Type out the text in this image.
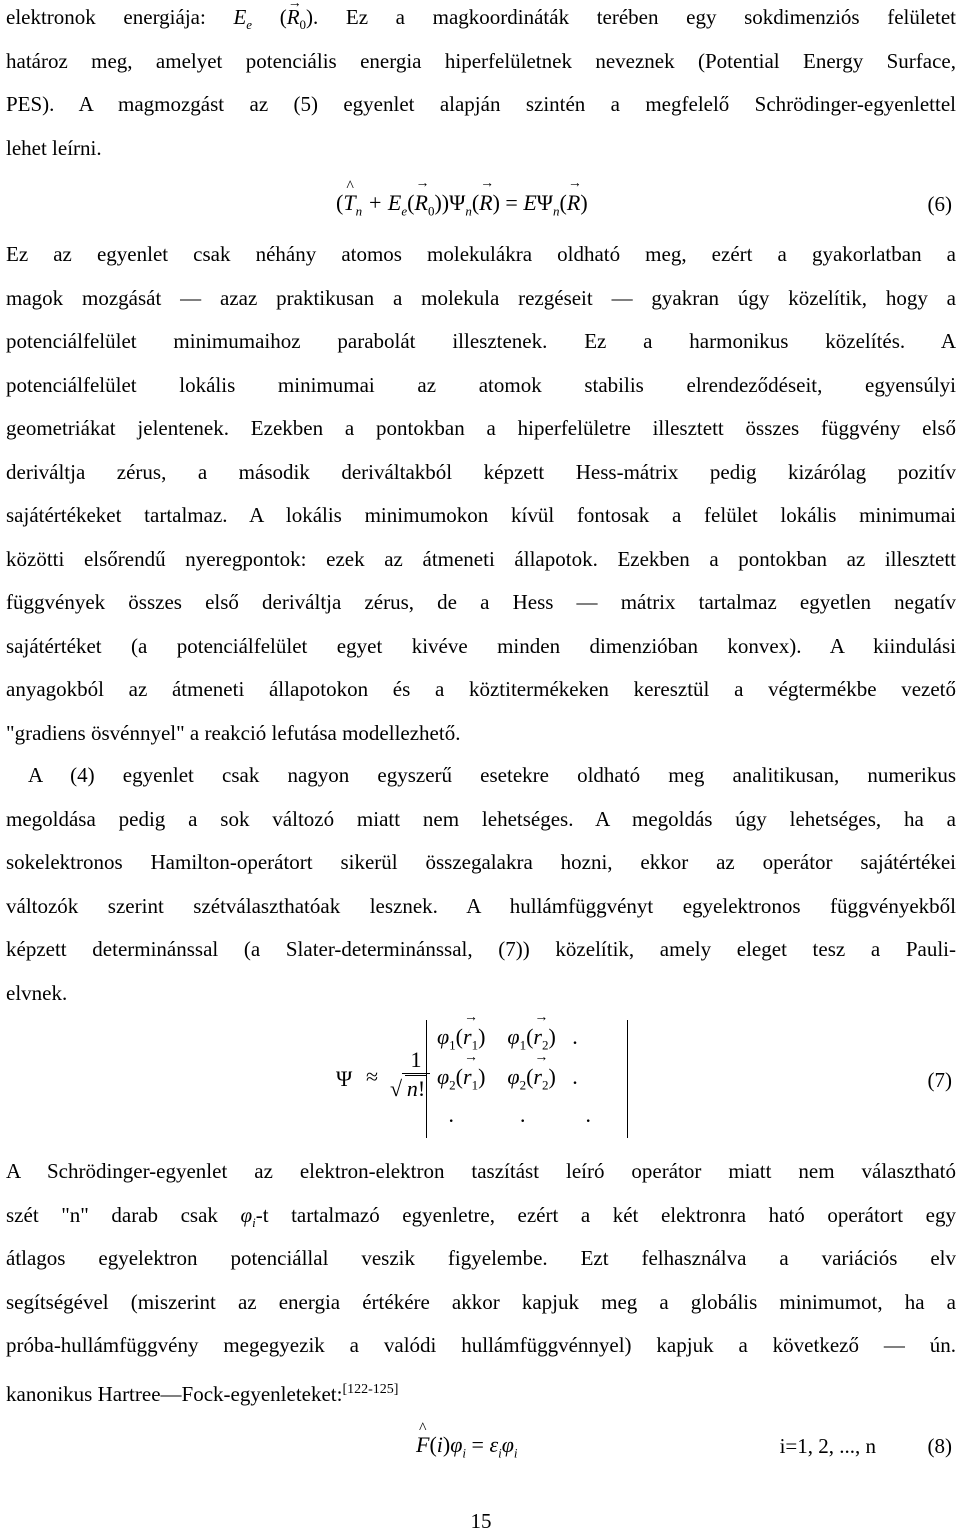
elektronok energiája: $E_e$ (→ $R_0$). Ez a magkoordináták terében egy sokdimenziós felületet
határoz meg, amelyet potenciális energia hiperfelületnek neveznek (Potential Energy Surface,
PES). A magmozgást az (5) egyenlet alapján szintén a megfelelő Schrödinger-egyenlettel
lehet leírni.
(^ $T_n + E_e(\to R_0))\Psi_n(\to R) = E\Psi_n(\to R)$	(6)
Ez az egyenlet csak néhány atomos molekulákra oldható meg, ezért a gyakorlatban a
magok mozgását — azaz praktikusan a molekula rezgéseit — gyakran úgy közelítik, hogy a
potenciálfelület minimumaihoz parabolát illesztenek. Ez a harmonikus közelítés. A
potenciálfelület lokális minimumai az atomok stabilis elrendeződéseit, egyensúlyi
geometriákat jelentenek. Ezekben a pontokban a hiperfelületre illesztett összes függvény első
deriváltja zérus, a második deriváltakból képzett Hess-mátrix pedig kizárólag pozitív
sajátértékeket tartalmaz. A lokális minimumokon kívül fontosak a felület lokális minimumai
közötti elsőrendű nyeregpontok: ezek az átmeneti állapotok. Ezekben a pontokban az illesztett
függvények összes első deriváltja zérus, de a Hess — mátrix tartalmaz egyetlen negatív
sajátértéket (a potenciálfelület egyet kivéve minden dimenzióban konvex). A kiindulási
anyagokból az átmeneti állapotokon és a köztitermékeken keresztül a végtermékbe vezető
"gradiens ösvénnyel" a reakció lefutása modellezhető.
A (4) egyenlet csak nagyon egyszerű esetekre oldható meg analitikusan, numerikus
megoldása pedig a sok változó miatt nem lehetséges. A megoldás úgy lehetséges, ha a
sokelektronos Hamilton-operátort sikerül összegalakra hozni, ekkor az operátor sajátértékei
változók szerint szétválaszthatóak lesznek. A hullámfüggvényt egyelektronos függvényekből
képzett determinánssal (a Slater-determinánssal, (7)) közelítik, amely eleget tesz a Pauli-
elvnek.
Ψ ≈
1
√ n!
$\varphi_1(\to r_1)$    $\varphi_1(\to r_2)$ .
$\varphi_2(\to r_1)$    $\varphi_2(\to r_2)$ .
.	.	.
(7)
A Schrödinger-egyenlet az elektron-elektron taszítást leíró operátor miatt nem választható
szét "n" darab csak $\varphi_i-t$ tartalmazó egyenletre, ezért a két elektronra ható operátort egy
átlagos egyelektron potenciállal veszik figyelembe. Ezt felhasználva a variációs elv
segítségével (miszerint az energia értékére akkor kapjuk meg a globális minimumot, ha a
próba-hullámfüggvény megegyezik a valódi hullámfüggvénnyel) kapjuk a következő — ún.
kanonikus Hartree—Fock-egyenleteket:[122-125]
^ $F(i)\varphi_i = \varepsilon_i\varphi_i$	i=1, 2, ..., n (8)
15
